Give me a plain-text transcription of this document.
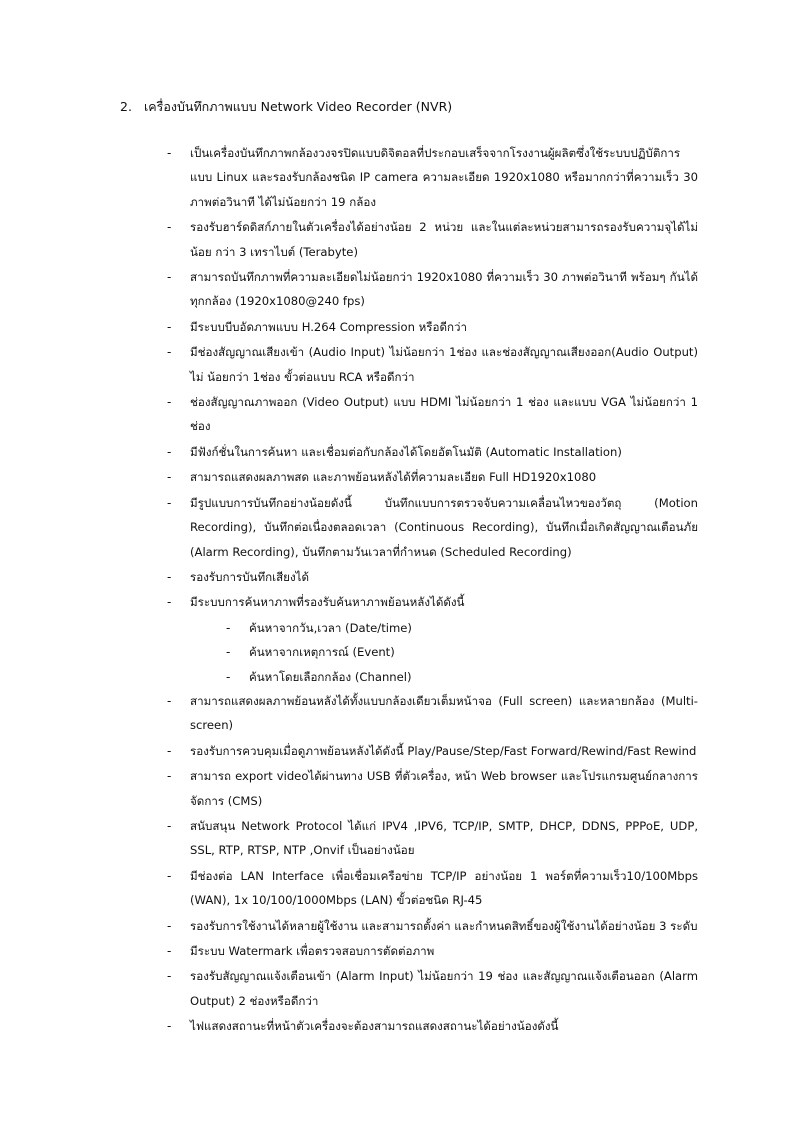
2. เครื่องบันทึกภาพแบบ Network Video Recorder (NVR)
- เป็นเครื่องบันทึกภาพกล้องวงจรปิดแบบดิจิตอลที่ประกอบเสร็จจากโรงงานผู้ผลิตซึ่งใช้ระบบปฏิบัติการ แบบ Linux และรองรับกล้องชนิด IP camera ความละเอียด 1920x1080 หรือมากกว่าที่ความเร็ว 30 ภาพต่อวินาที ได้ไม่น้อยกว่า 19 กล้อง
- รองรับฮาร์ดดิสก์ภายในตัวเครื่องได้อย่างน้อย 2 หน่วย และในแต่ละหน่วยสามารถรองรับความจุได้ไม่น้อย กว่า 3 เทราไบต์ (Terabyte)
- สามารถบันทึกภาพที่ความละเอียดไม่น้อยกว่า 1920x1080 ที่ความเร็ว 30 ภาพต่อวินาที พร้อมๆ กันได้ ทุกกล้อง (1920x1080@240 fps)
- มีระบบบีบอัดภาพแบบ H.264 Compression หรือดีกว่า
- มีช่องสัญญาณเสียงเข้า (Audio Input) ไม่น้อยกว่า 1ช่อง และช่องสัญญาณเสียงออก(Audio Output) ไม่ น้อยกว่า 1ช่อง ขั้วต่อแบบ RCA หรือดีกว่า
- ช่องสัญญาณภาพออก (Video Output) แบบ HDMI ไม่น้อยกว่า 1 ช่อง และแบบ VGA ไม่น้อยกว่า 1 ช่อง
- มีฟังก์ชั่นในการค้นหา และเชื่อมต่อกับกล้องได้โดยอัตโนมัติ (Automatic Installation)
- สามารถแสดงผลภาพสด และภาพย้อนหลังได้ที่ความละเอียด Full HD1920x1080
- มีรูปแบบการบันทึกอย่างน้อยดังนี้ บันทึกแบบการตรวจจับความเคลื่อนไหวของวัตถุ (Motion Recording), บันทึกต่อเนื่องตลอดเวลา (Continuous Recording), บันทึกเมื่อเกิดสัญญาณเตือนภัย (Alarm Recording), บันทึกตามวันเวลาที่กำหนด (Scheduled Recording)
- รองรับการบันทึกเสียงได้
- มีระบบการค้นหาภาพที่รองรับค้นหาภาพย้อนหลังได้ดังนี้
- ค้นหาจากวัน,เวลา (Date/time)
- ค้นหาจากเหตุการณ์ (Event)
- ค้นหาโดยเลือกกล้อง (Channel)
- สามารถแสดงผลภาพย้อนหลังได้ทั้งแบบกล้องเดียวเต็มหน้าจอ (Full screen) และหลายกล้อง (Multi-screen)
- รองรับการควบคุมเมื่อดูภาพย้อนหลังได้ดังนี้ Play/Pause/Step/Fast Forward/Rewind/Fast Rewind
- สามารถ export videoได้ผ่านทาง USB ที่ตัวเครื่อง, หน้า Web browser และโปรแกรมศูนย์กลางการ จัดการ (CMS)
- สนับสนุน Network Protocol ได้แก่ IPV4 ,IPV6, TCP/IP, SMTP, DHCP, DDNS, PPPoE, UDP, SSL, RTP, RTSP, NTP ,Onvif เป็นอย่างน้อย
- มีช่องต่อ LAN Interface เพื่อเชื่อมเครือข่าย TCP/IP อย่างน้อย 1 พอร์ตที่ความเร็ว10/100Mbps (WAN), 1x 10/100/1000Mbps (LAN) ขั้วต่อชนิด RJ-45
- รองรับการใช้งานได้หลายผู้ใช้งาน และสามารถตั้งค่า และกำหนดสิทธิ์ของผู้ใช้งานได้อย่างน้อย 3 ระดับ
- มีระบบ Watermark เพื่อตรวจสอบการตัดต่อภาพ
- รองรับสัญญาณแจ้งเตือนเข้า (Alarm Input) ไม่น้อยกว่า 19 ช่อง และสัญญาณแจ้งเตือนออก (Alarm Output) 2 ช่องหรือดีกว่า
- ไฟแสดงสถานะที่หน้าตัวเครื่องจะต้องสามารถแสดงสถานะได้อย่างน้องดังนี้
